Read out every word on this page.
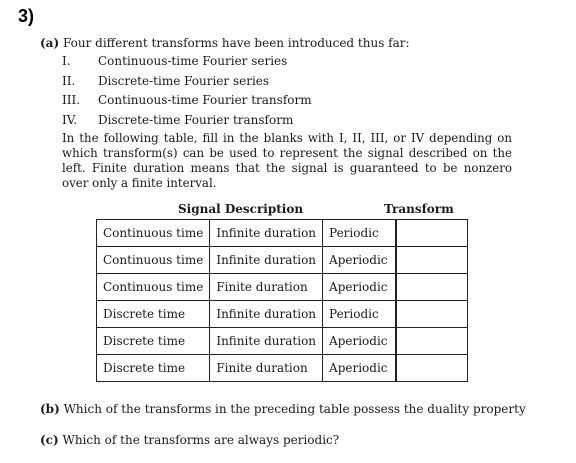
3)
(a) Four different transforms have been introduced thus far:
I.	Continuous-time Fourier series
II.	Discrete-time Fourier series
III.	Continuous-time Fourier transform
IV.	Discrete-time Fourier transform
In the following table, fill in the blanks with I, II, III, or IV depending on which transform(s) can be used to represent the signal described on the left. Finite duration means that the signal is guaranteed to be nonzero over only a finite interval.
Signal Description	Transform
Continuous time	Infinite duration	Periodic	
Continuous time	Infinite duration	Aperiodic	
Continuous time	Finite duration	Aperiodic	
Discrete time	Infinite duration	Periodic	
Discrete time	Infinite duration	Aperiodic	
Discrete time	Finite duration	Aperiodic	
(b) Which of the transforms in the preceding table possess the duality property
(c) Which of the transforms are always periodic?
